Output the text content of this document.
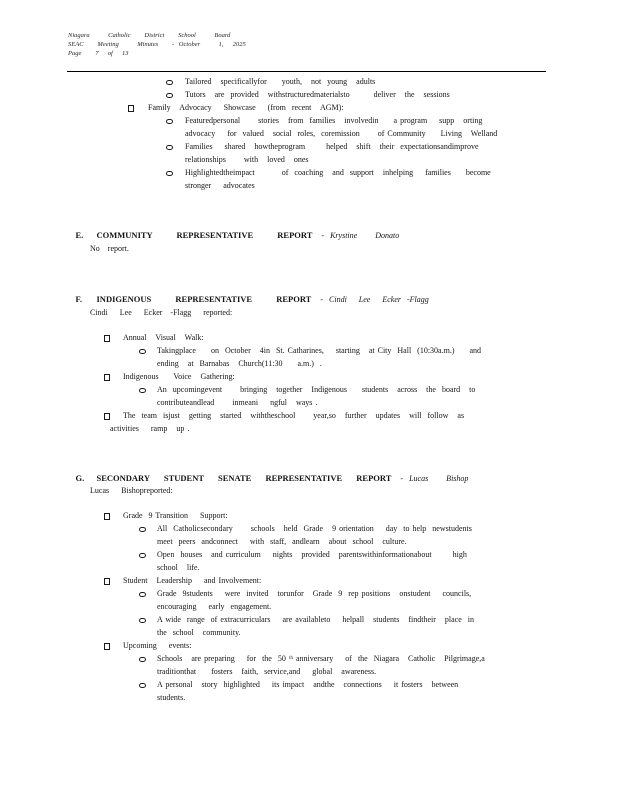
Niagara    Catholic   District   School    Board
SEAC   Meeting    Minutes   - October    1,  2025
Page   7  of  13
Tailored   specificallyfor     youth,   not  young   adults
Tutors   are  provided   withstructuredmaterialsto        deliver   the   sessions
Family   Advocacy    Showcase    (from  recent   AGM):
Featuredpersonal      stories   from  families   involvedin     a program    supp   orting
advocacy    for  valued   social  roles,  coremission      of Community     Living   Welland
Families    shared   howtheprogram       helped   shift   their  expectationsandimprove
relationships      with   loved   ones
Highlightedtheimpact         of  coaching   and  support   inhelping    families     become
stronger    advocates

E. COMMUNITY REPRESENTATIVE REPORT - Krystine   Donato

No  report.

F. INDIGENOUS REPRESENTATIVE REPORT - Cindi  Lee  Ecker -Flagg

Cindi   Lee   Ecker  -Flagg   reported:
Annual   Visual   Walk:
Takingplace     on  October   4in  St. Catharines,    starting   at City  Hall  (10:30a.m.)     and
ending   at  Barnabas   Church(11:30     a.m.)  .
Indigenous     Voice   Gathering:
An  upcomingevent      bringing   together   Indigenous     students   across   the  board   to
contributeandlead      inmeani    ngful   ways .
The  team  isjust   getting   started   withtheschool      year,so   further   updates   will  follow   as
activities    ramp   up .

G. SECONDARY STUDENT SENATE REPRESENTATIVE REPORT - Lucas   Bishop

Lucas   Bishopreported:
Grade  9 Transition    Support:
All  Catholicsecondary      schools   held  Grade   9 orientation    day  to help  newstudents
meet  peers  andconnect    with  staff,  andlearn   about  school   culture.
Open  houses   and curriculum    nights   provided   parentswithinformationabout       high
school   life.
Student   Leadership    and Involvement:
Grade  9students    were  invited   torunfor   Grade  9  rep positions   onstudent    councils,
encouraging    early  engagement.
A wide  range  of extracurriculars    are availableto    helpall   students   findtheir   place  in
the  school   community.
Upcoming    events:
Schools   are preparing    for  the  50 ᵗʰ anniversary    of  the  Niagara   Catholic   Pilgrimage,a
traditionthat     fosters   faith,  service,and    global   awareness.
A personal   story  highlighted    its impact   andthe   connections    it fosters   between
students.
